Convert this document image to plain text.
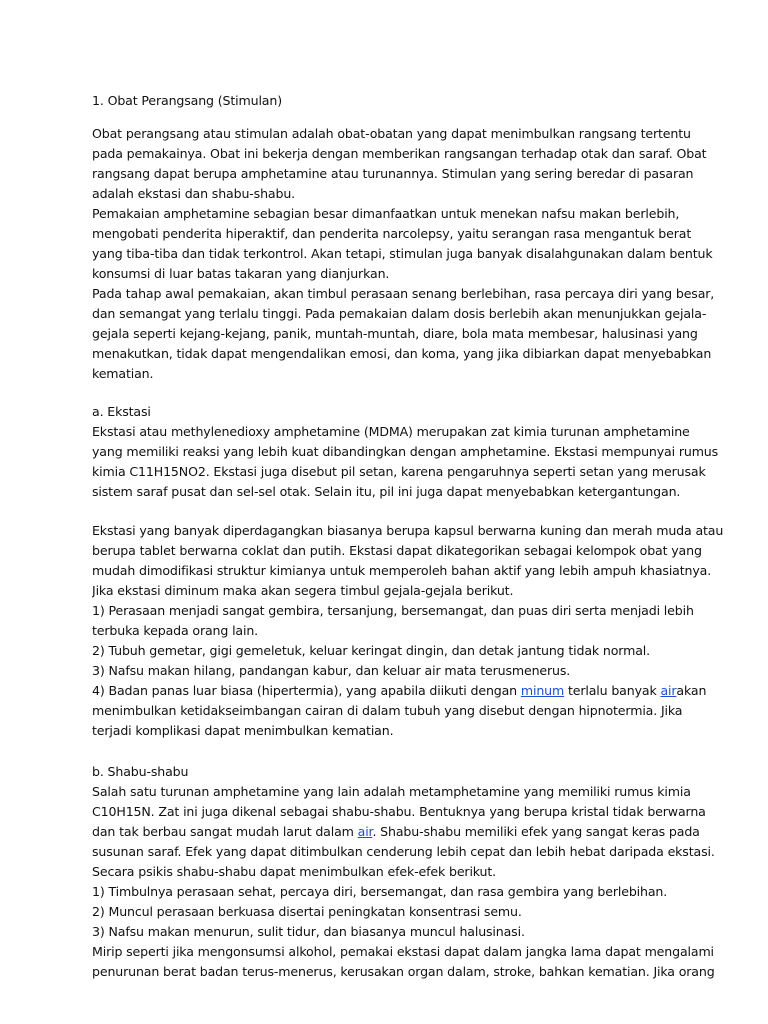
1. Obat Perangsang (Stimulan)
Obat perangsang atau stimulan adalah obat-obatan yang dapat menimbulkan rangsang tertentu
pada pemakainya. Obat ini bekerja dengan memberikan rangsangan terhadap otak dan saraf. Obat
rangsang dapat berupa amphetamine atau turunannya. Stimulan yang sering beredar di pasaran
adalah ekstasi dan shabu-shabu.
Pemakaian amphetamine sebagian besar dimanfaatkan untuk menekan nafsu makan berlebih,
mengobati penderita hiperaktif, dan penderita narcolepsy, yaitu serangan rasa mengantuk berat
yang tiba-tiba dan tidak terkontrol. Akan tetapi, stimulan juga banyak disalahgunakan dalam bentuk
konsumsi di luar batas takaran yang dianjurkan.
Pada tahap awal pemakaian, akan timbul perasaan senang berlebihan, rasa percaya diri yang besar,
dan semangat yang terlalu tinggi. Pada pemakaian dalam dosis berlebih akan menunjukkan gejala-
gejala seperti kejang-kejang, panik, muntah-muntah, diare, bola mata membesar, halusinasi yang
menakutkan, tidak dapat mengendalikan emosi, dan koma, yang jika dibiarkan dapat menyebabkan
kematian.
a. Ekstasi
Ekstasi atau methylenedioxy amphetamine (MDMA) merupakan zat kimia turunan amphetamine
yang memiliki reaksi yang lebih kuat dibandingkan dengan amphetamine. Ekstasi mempunyai rumus
kimia C11H15NO2. Ekstasi juga disebut pil setan, karena pengaruhnya seperti setan yang merusak
sistem saraf pusat dan sel-sel otak. Selain itu, pil ini juga dapat menyebabkan ketergantungan.
Ekstasi yang banyak diperdagangkan biasanya berupa kapsul berwarna kuning dan merah muda atau
berupa tablet berwarna coklat dan putih. Ekstasi dapat dikategorikan sebagai kelompok obat yang
mudah dimodifikasi struktur kimianya untuk memperoleh bahan aktif yang lebih ampuh khasiatnya.
Jika ekstasi diminum maka akan segera timbul gejala-gejala berikut.
1) Perasaan menjadi sangat gembira, tersanjung, bersemangat, dan puas diri serta menjadi lebih
terbuka kepada orang lain.
2) Tubuh gemetar, gigi gemeletuk, keluar keringat dingin, dan detak jantung tidak normal.
3) Nafsu makan hilang, pandangan kabur, dan keluar air mata terusmenerus.
4) Badan panas luar biasa (hipertermia), yang apabila diikuti dengan minum terlalu banyak airakan
menimbulkan ketidakseimbangan cairan di dalam tubuh yang disebut dengan hipnotermia. Jika
terjadi komplikasi dapat menimbulkan kematian.
b. Shabu-shabu
Salah satu turunan amphetamine yang lain adalah metamphetamine yang memiliki rumus kimia
C10H15N. Zat ini juga dikenal sebagai shabu-shabu. Bentuknya yang berupa kristal tidak berwarna
dan tak berbau sangat mudah larut dalam air. Shabu-shabu memiliki efek yang sangat keras pada
susunan saraf. Efek yang dapat ditimbulkan cenderung lebih cepat dan lebih hebat daripada ekstasi.
Secara psikis shabu-shabu dapat menimbulkan efek-efek berikut.
1) Timbulnya perasaan sehat, percaya diri, bersemangat, dan rasa gembira yang berlebihan.
2) Muncul perasaan berkuasa disertai peningkatan konsentrasi semu.
3) Nafsu makan menurun, sulit tidur, dan biasanya muncul halusinasi.
Mirip seperti jika mengonsumsi alkohol, pemakai ekstasi dapat dalam jangka lama dapat mengalami
penurunan berat badan terus-menerus, kerusakan organ dalam, stroke, bahkan kematian. Jika orang
